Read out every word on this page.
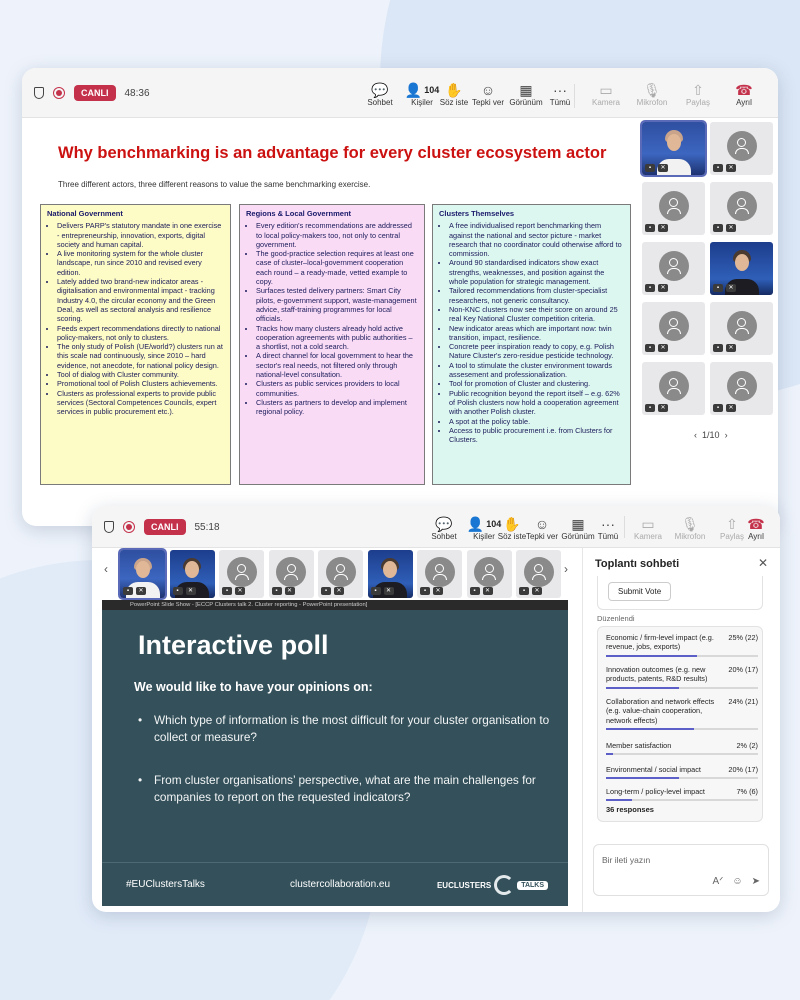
CANLI	48:36	💬
Sohbet
👤 104
Kişiler
✋
Söz iste
☺
Tepki ver
▦
Görünüm
···
Tümü
▭
Kamera
🎙
Mikrofon
⇧
Paylaş
☎
Ayrıl
Why benchmarking is an advantage for every cluster ecosystem actor
Three different actors, three different reasons to value the same benchmarking exercise.
National Government
• Delivers PARP's statutory mandate in one exercise - entrepreneurship, innovation, exports, digital society and human capital.
• A live monitoring system for the whole cluster landscape, run since 2010 and revised every edition.
• Lately added two brand-new indicator areas - digitalisation and environmental impact - tracking Industry 4.0, the circular economy and the Green Deal, as well as sectoral analysis and resilience scoring.
• Feeds expert recommendations directly to national policy-makers, not only to clusters.
• The only study of Polish (UE/world?) clusters run at this scale nad continuously, since 2010 – hard evidence, not anecdote, for national policy design.
• Tool of dialog with Cluster community.
• Promotional tool of Polish Clusters achievements.
• Clusters as professional experts to provide public services (Sectoral Competences Councils, expert services in public procurement etc.).
Regions & Local Government
• Every edition's recommendations are addressed to local policy-makers too, not only to central government.
• The good-practice selection requires at least one case of cluster–local-government cooperation each round – a ready-made, vetted example to copy.
• Surfaces tested delivery partners: Smart City pilots, e-government support, waste-management advice, staff-training programmes for local officials.
• Tracks how many clusters already hold active cooperation agreements with public authorities – a shortlist, not a cold search.
• A direct channel for local government to hear the sector's real needs, not filtered only through national-level consultation.
• Clusters as public services providers to local communities.
• Clusters as partners to develop and implement regional policy.
Clusters Themselves
• A free individualised report benchmarking them against the national and sector picture - market research that no coordinator could otherwise afford to commission.
• Around 90 standardised indicators show exact strengths, weaknesses, and position against the whole population for strategic management.
• Tailored recommendations from cluster-specialist researchers, not generic consultancy.
• Non-KNC clusters now see their score on around 25 real Key National Cluster competition criteria.
• New indicator areas which are important now: twin transition, impact, resilience.
• Concrete peer inspiration ready to copy, e.g. Polish Nature Cluster's zero-residue pesticide technology.
• A tool to stimulate the cluster environment towards assesement and professionalization.
• Tool for promotion of Cluster and clustering.
• Public recognition beyond the report itself – e.g. 62% of Polish clusters now hold a cooperation agreement with another Polish cluster.
• A spot at the policy table.
• Access to public procurement i.e. from Clusters for Clusters.
▪	✕	▪	✕
▪	✕	▪	✕
▪	✕	▪	✕
▪	✕	▪	✕
▪	✕	▪	✕
‹ 1/10 ›
CANLI	55:18	💬
Sohbet
👤 104
Kişiler
✋
Söz iste
☺
Tepki ver
▦
Görünüm
···
Tümü
▭
Kamera
🎙
Mikrofon
⇧
Paylaş
☎
Ayrıl
‹
▪	✕	▪	✕	▪	✕	▪	✕	▪	✕	▪	✕	▪	✕	▪	✕	▪	✕
›
PowerPoint Slide Show - [ECCP Clusters talk 2. Cluster reporting - PowerPoint presentation]
Interactive poll
We would like to have your opinions on:
• Which type of information is the most difficult for your cluster organisation to collect or measure?
• From cluster organisations’ perspective, what are the main challenges for companies to report on the requested indicators?
#EUClustersTalks	clustercollaboration.eu	EUCLUSTERS	TALKS
Toplantı sohbeti	✕
Submit Vote
Düzenlendi
Economic / firm-level impact (e.g. revenue, jobs, exports)
25% (22)
Innovation outcomes (e.g. new products, patents, R&D results)
20% (17)
Collaboration and network effects (e.g. value-chain cooperation, network effects)
24% (21)
Member satisfaction	2% (2)
Environmental / social impact	20% (17)
Long-term / policy-level impact	7% (6)
36 responses
Bir ileti yazın
Aᐟ ☺ ➤
